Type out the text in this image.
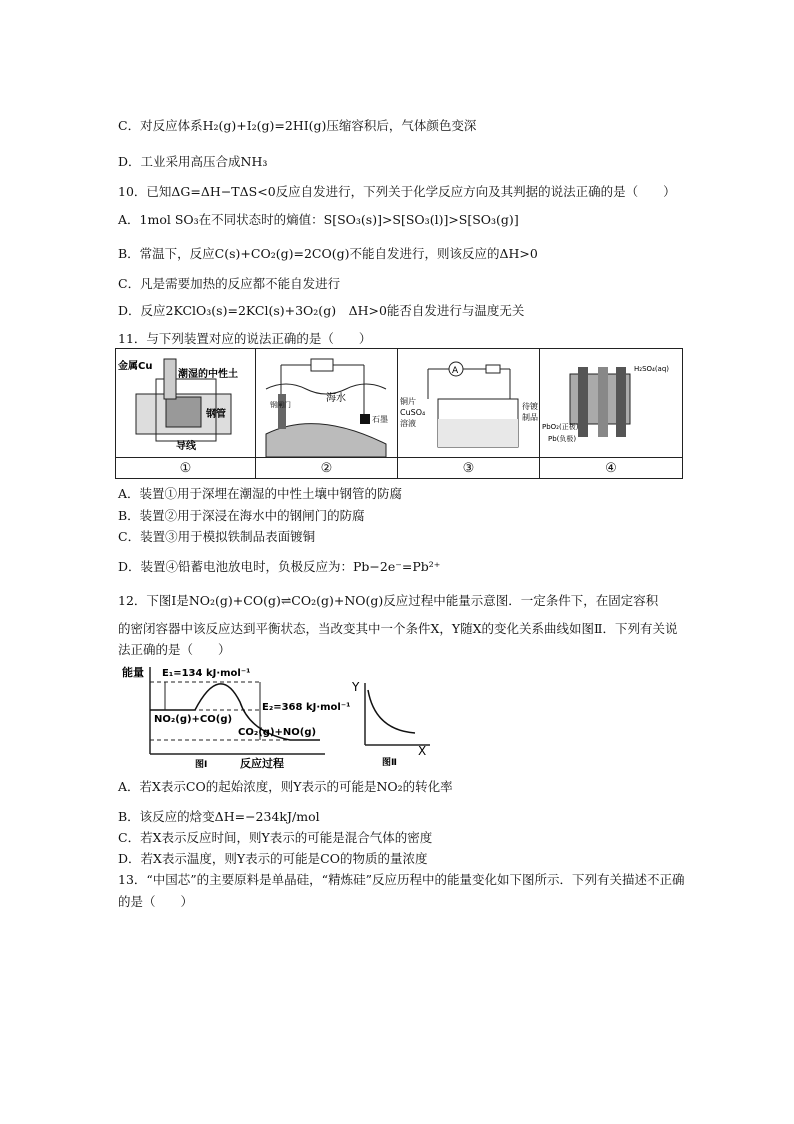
C．对反应体系H₂(g)+I₂(g)=2HI(g)压缩容积后，气体颜色变深
D．工业采用高压合成NH₃
10．已知ΔG=ΔH−TΔS<0反应自发进行，下列关于化学反应方向及其判据的说法正确的是（　　）
A．1mol SO₃在不同状态时的熵值：S[SO₃(s)]>S[SO₃(l)]>S[SO₃(g)]
B．常温下，反应C(s)+CO₂(g)=2CO(g)不能自发进行，则该反应的ΔH>0
C．凡是需要加热的反应都不能自发进行
D．反应2KClO₃(s)=2KCl(s)+3O₂(g)　ΔH>0能否自发进行与温度无关
11．与下列装置对应的说法正确的是（　　）
金属Cu
潮湿的中性土
钢管
导线
海水
钢闸门
石墨
A
铜片
CuSO₄
溶液
待镀
制品
H₂SO₄(aq)
PbO₂(正极)
Pb(负极)
①	②	③	④
A．装置①用于深埋在潮湿的中性土壤中钢管的防腐
B．装置②用于深浸在海水中的钢闸门的防腐
C．装置③用于模拟铁制品表面镀铜
D．装置④铅蓄电池放电时，负极反应为：Pb−2e⁻=Pb²⁺
12．下图Ⅰ是NO₂(g)+CO(g)⇌CO₂(g)+NO(g)反应过程中能量示意图．一定条件下，在固定容积
的密闭容器中该反应达到平衡状态，当改变其中一个条件X，Y随X的变化关系曲线如图Ⅱ．下列有关说
法正确的是（　　）
能量 E₁=134 kJ·mol⁻¹
E₂=368 kJ·mol⁻¹
NO₂(g)+CO(g)
CO₂(g)+NO(g)
反应过程
图Ⅰ
Y
X
图Ⅱ
A．若X表示CO的起始浓度，则Y表示的可能是NO₂的转化率
B．该反应的焓变ΔH=−234kJ/mol
C．若X表示反应时间，则Y表示的可能是混合气体的密度
D．若X表示温度，则Y表示的可能是CO的物质的量浓度
13．“中国芯”的主要原料是单晶硅，“精炼硅”反应历程中的能量变化如下图所示．下列有关描述不正确
的是（　　）
